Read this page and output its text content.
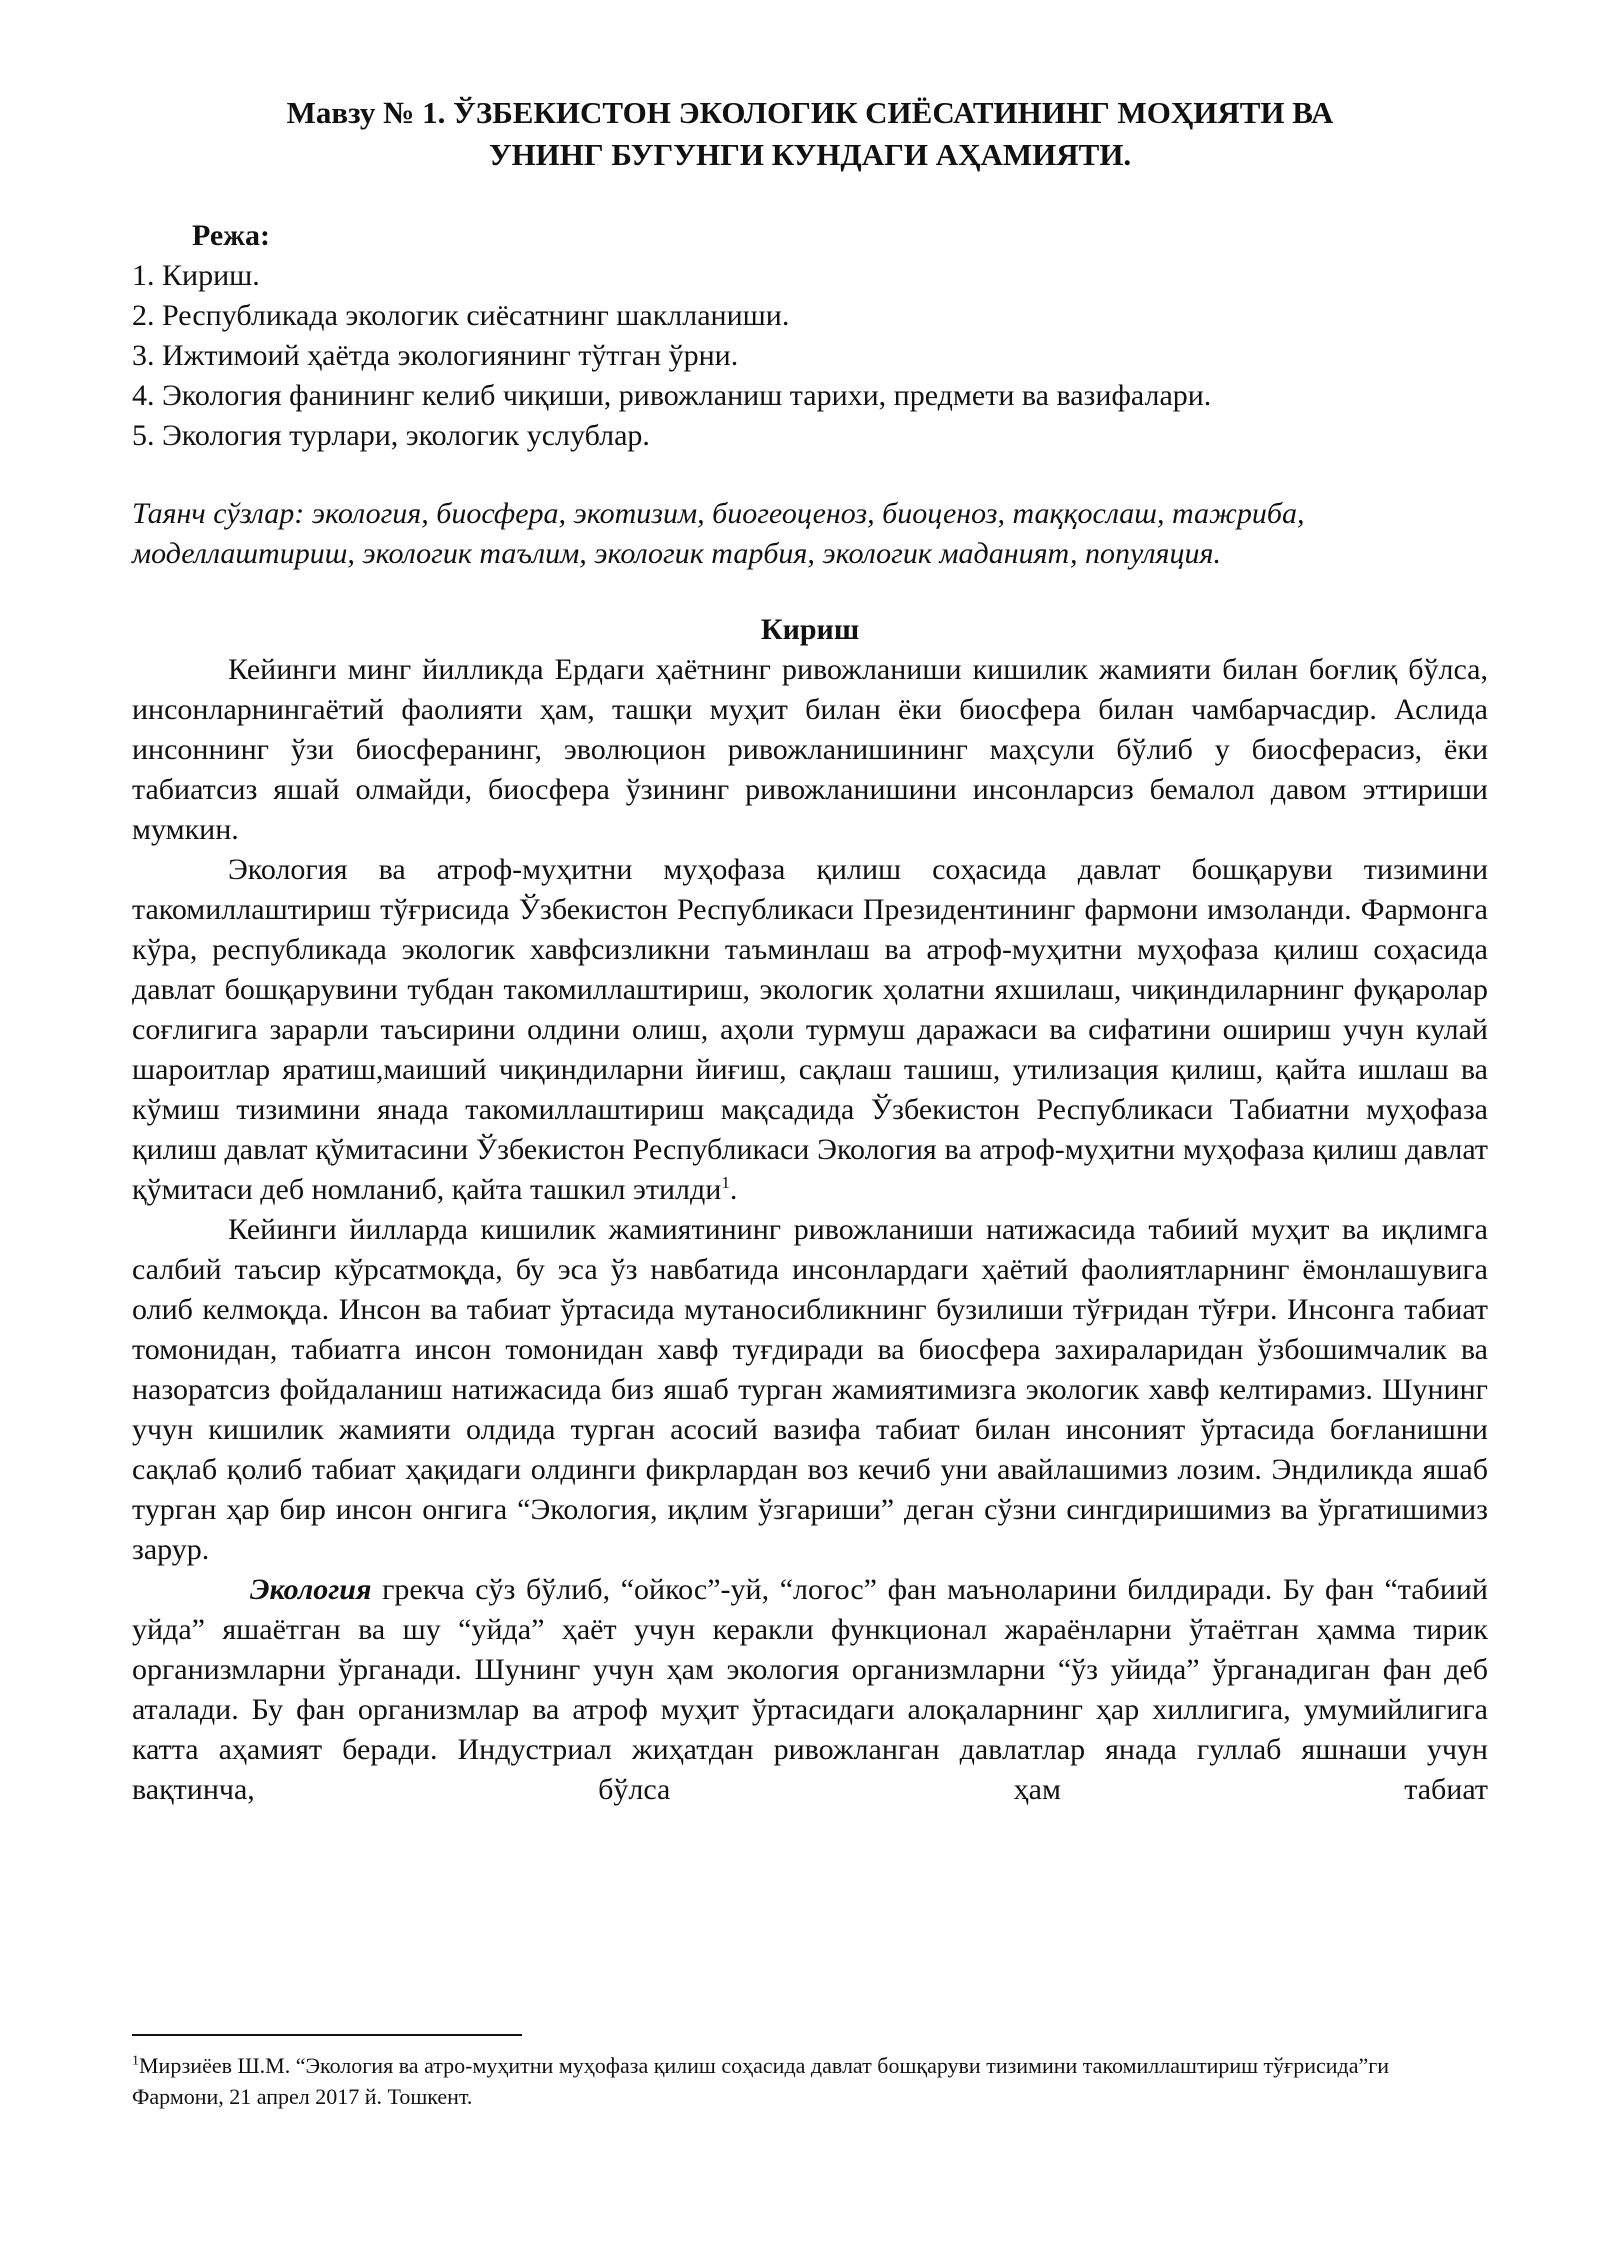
Мавзу № 1. ЎЗБЕКИСТОН ЭКОЛОГИК СИЁСАТИНИНГ МОҲИЯТИ ВА
УНИНГ БУГУНГИ КУНДАГИ АҲАМИЯТИ.
Режа:
1. Кириш.
2. Республикада экологик сиёсатнинг шаклланиши.
3. Ижтимоий ҳаётда экологиянинг тўтган ўрни.
4. Экология фанининг келиб чиқиши, ривожланиш тарихи, предмети ва вазифалари.
5. Экология турлари, экологик услублар.

Таянч сўзлар: экология, биосфера, экотизим, биогеоценоз, биоценоз, таққослаш, тажриба, моделлаштириш, экологик таълим, экологик тарбия, экологик маданият, популяция.

Кириш

Кейинги минг йилликда Ердаги ҳаётнинг ривожланиши кишилик жамияти билан боғлиқ бўлса, инсонларнингаётий фаолияти ҳам, ташқи муҳит билан ёки биосфера билан чамбарчасдир. Аслида инсоннинг ўзи биосферанинг, эволюцион ривожланишининг маҳсули бўлиб у биосферасиз, ёки табиатсиз яшай олмайди, биосфера ўзининг ривожланишини инсонларсиз бемалол давом эттириши мумкин.

Экология ва атроф-муҳитни муҳофаза қилиш соҳасида давлат бошқаруви тизимини такомиллаштириш тўғрисида Ўзбекистон Республикаси Президентининг фармони имзоланди. Фармонга кўра, республикада экологик хавфсизликни таъминлаш ва атроф-муҳитни муҳофаза қилиш соҳасида давлат бошқарувини тубдан такомиллаштириш, экологик ҳолатни яхшилаш, чиқиндиларнинг фуқаролар соғлигига зарарли таъсирини олдини олиш, аҳоли турмуш даражаси ва сифатини ошириш учун кулай шароитлар яратиш,маиший чиқиндиларни йиғиш, сақлаш ташиш, утилизация қилиш, қайта ишлаш ва кўмиш тизимини янада такомиллаштириш мақсадида Ўзбекистон Республикаси Табиатни муҳофаза қилиш давлат қўмитасини Ўзбекистон Республикаси Экология ва атроф-муҳитни муҳофаза қилиш давлат қўмитаси деб номланиб, қайта ташкил этилди$^1$.

Кейинги йилларда кишилик жамиятининг ривожланиши натижасида табиий муҳит ва иқлимга салбий таъсир кўрсатмоқда, бу эса ўз навбатида инсонлардаги ҳаётий фаолиятларнинг ёмонлашувига олиб келмоқда. Инсон ва табиат ўртасида мутаносибликнинг бузилиши тўғридан тўғри. Инсонга табиат томонидан, табиатга инсон томонидан хавф туғдиради ва биосфера захираларидан ўзбошимчалик ва назоратсиз фойдаланиш натижасида биз яшаб турган жамиятимизга экологик хавф келтирамиз. Шунинг учун кишилик жамияти олдида турган асосий вазифа табиат билан инсоният ўртасида боғланишни сақлаб қолиб табиат ҳақидаги олдинги фикрлардан воз кечиб уни авайлашимиз лозим. Эндиликда яшаб турган ҳар бир инсон онгига “Экология, иқлим ўзгариши” деган сўзни сингдиришимиз ва ўргатишимиз зарур.

Экология грекча сўз бўлиб, “ойкос”-уй, “логос” фан маъноларини билдиради. Бу фан “табиий уйда” яшаётган ва шу “уйда” ҳаёт учун керакли функционал жараёнларни ўтаётган ҳамма тирик организмларни ўрганади. Шунинг учун ҳам экология организмларни “ўз уйида” ўрганадиган фан деб аталади. Бу фан организмлар ва атроф муҳит ўртасидаги алоқаларнинг ҳар хиллигига, умумийлигига катта аҳамият беради. Индустриал жиҳатдан ривожланган давлатлар янада гуллаб яшнаши учун вақтинча, бўлса ҳам табиат

$^1$Мирзиёев Ш.М. “Экология ва атро-муҳитни муҳофаза қилиш соҳасида давлат бошқаруви тизимини такомиллаштириш тўғрисида”ги Фармони, 21 апрел 2017 й. Тошкент.
